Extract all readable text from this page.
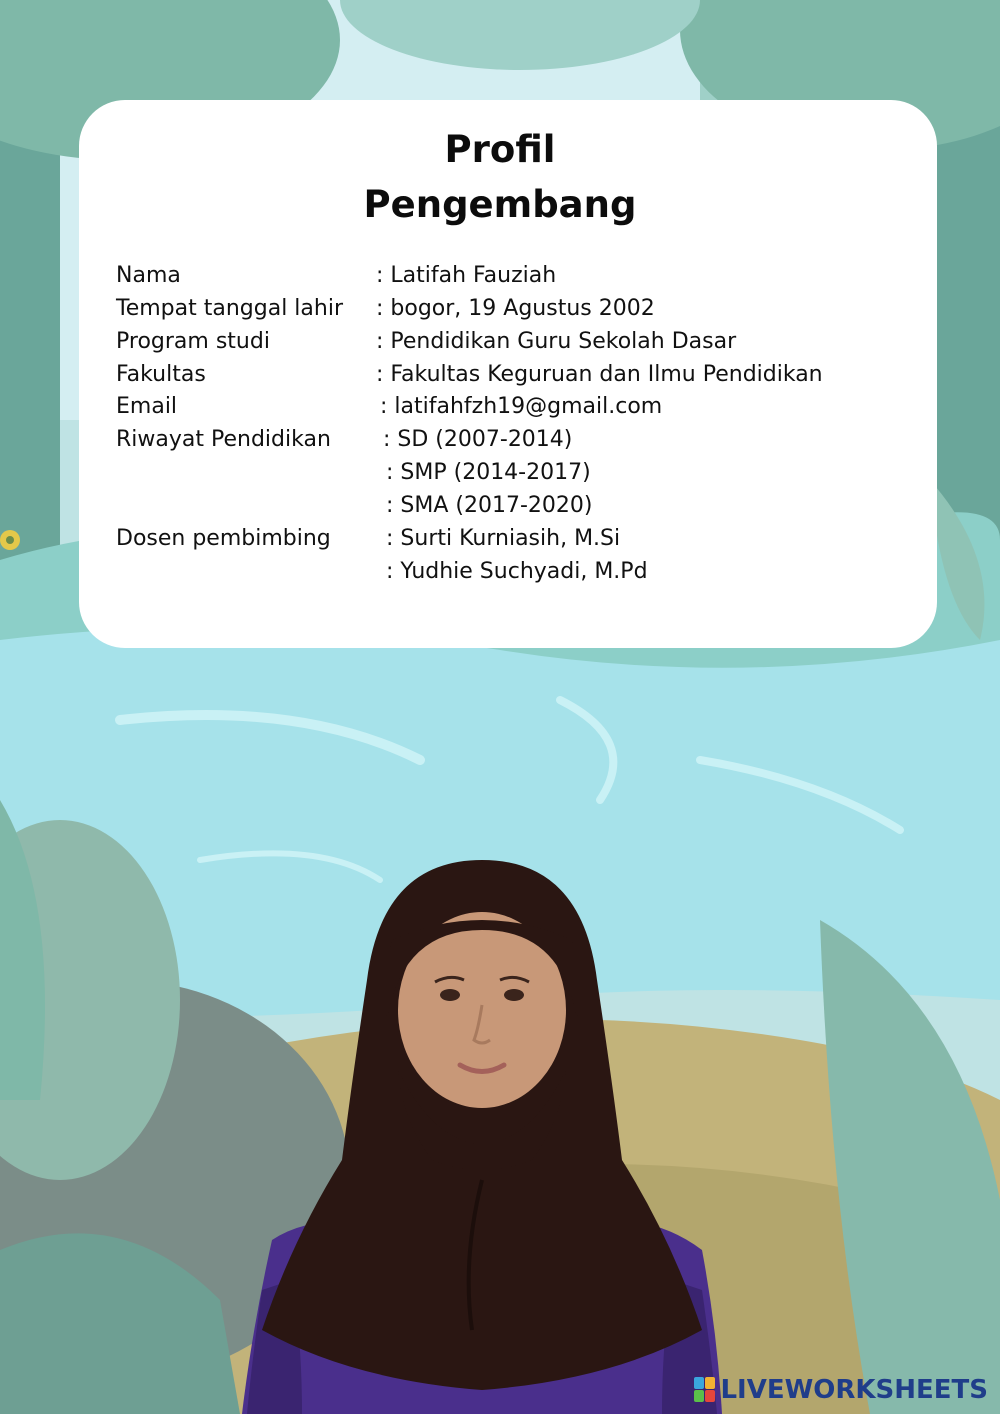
Profil
Pengembang
Nama	: Latifah Fauziah
Tempat tanggal lahir : bogor, 19 Agustus 2002
Program studi	: Pendidikan Guru Sekolah Dasar
Fakultas	: Fakultas Keguruan dan Ilmu Pendidikan
Email	: latifahfzh19@gmail.com
Riwayat Pendidikan : SD (2007-2014)
: SMP (2014-2017)
: SMA (2017-2020)
Dosen pembimbing	: Surti Kurniasih, M.Si
: Yudhie Suchyadi, M.Pd
LIVEWORKSHEETS
